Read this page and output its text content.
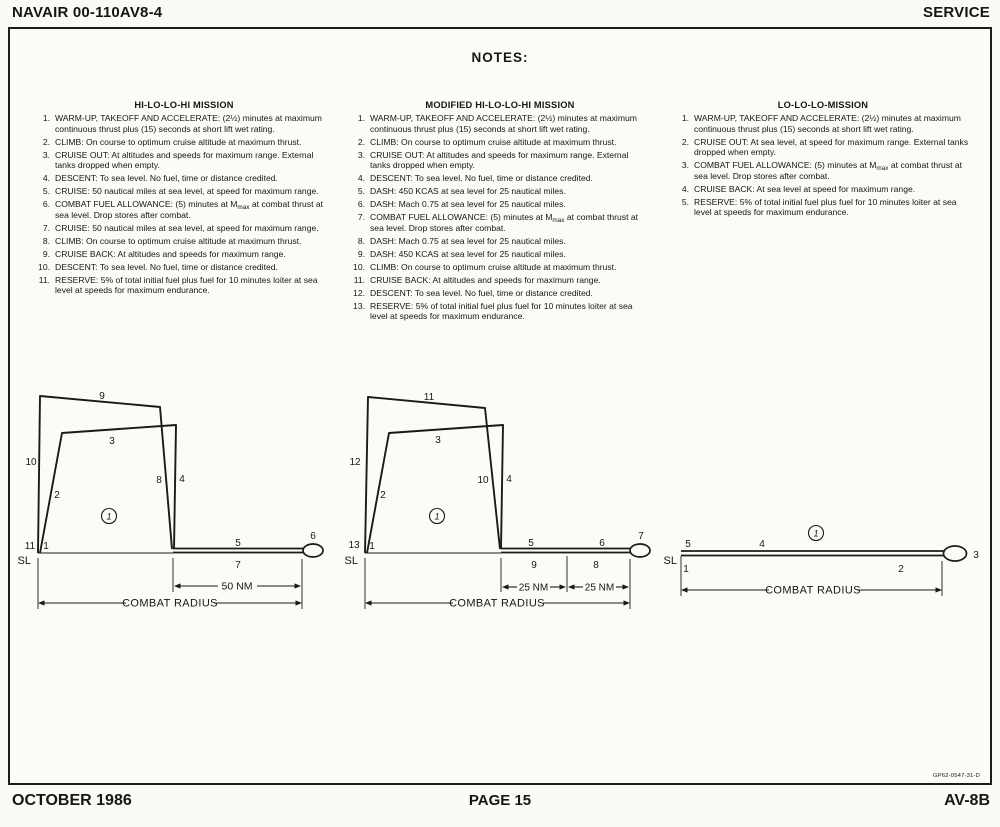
NAVAIR 00-110AV8-4	SERVICE
NOTES:
HI-LO-LO-HI MISSION
1. WARM-UP, TAKEOFF AND ACCELERATE: (2½) minutes at maximum continuous thrust plus (15) seconds at short lift wet rating.
2. CLIMB: On course to optimum cruise altitude at maximum thrust.
3. CRUISE OUT: At altitudes and speeds for maximum range. External tanks dropped when empty.
4. DESCENT: To sea level. No fuel, time or distance credited.
5. CRUISE: 50 nautical miles at sea level, at speed for maximum range.
6. COMBAT FUEL ALLOWANCE: (5) minutes at $M_{max}$ at combat thrust at sea level. Drop stores after combat.
7. CRUISE: 50 nautical miles at sea level, at speed for maximum range.
8. CLIMB: On course to optimum cruise altitude at maximum thrust.
9. CRUISE BACK: At altitudes and speeds for maximum range.
10. DESCENT: To sea level. No fuel, time or distance credited.
11. RESERVE: 5% of total initial fuel plus fuel for 10 minutes loiter at sea level at speeds for maximum endurance.
MODIFIED HI-LO-LO-HI MISSION
1. WARM-UP, TAKEOFF AND ACCELERATE: (2½) minutes at maximum continuous thrust plus (15) seconds at short lift wet rating.
2. CLIMB: On course to optimum cruise altitude at maximum thrust.
3. CRUISE OUT: At altitudes and speeds for maximum range. External tanks dropped when empty.
4. DESCENT: To sea level. No fuel, time or distance credited.
5. DASH: 450 KCAS at sea level for 25 nautical miles.
6. DASH: Mach 0.75 at sea level for 25 nautical miles.
7. COMBAT FUEL ALLOWANCE: (5) minutes at $M_{max}$ at combat thrust at sea level. Drop stores after combat.
8. DASH: Mach 0.75 at sea level for 25 nautical miles.
9. DASH: 450 KCAS at sea level for 25 nautical miles.
10. CLIMB: On course to optimum cruise altitude at maximum thrust.
11. CRUISE BACK: At altitudes and speeds for maximum range.
12. DESCENT: To sea level. No fuel, time or distance credited.
13. RESERVE: 5% of total initial fuel plus fuel for 10 minutes loiter at sea level at speeds for maximum endurance.
LO-LO-LO-MISSION
1. WARM-UP, TAKEOFF AND ACCELERATE: (2½) minutes at maximum continuous thrust plus (15) seconds at short lift wet rating.
2. CRUISE OUT: At sea level, at speed for maximum range. External tanks dropped when empty.
3. COMBAT FUEL ALLOWANCE: (5) minutes at $M_{max}$ at combat thrust at sea level. Drop stores after combat.
4. CRUISE BACK: At sea level at speed for maximum range.
5. RESERVE: 5% of total initial fuel plus fuel for 10 minutes loiter at sea level at speeds for maximum endurance.
1
9
3
10
2
8 4
11 1
SL
5
7
6
50 NM
COMBAT RADIUS
1
11
3
12
2
10 4
13 1
SL
5	6
9	8
7
25 NM	25 NM
COMBAT RADIUS
1
SL
5	4
1	2
3
COMBAT RADIUS
GP62-0547-31-D
PAGE 15
OCTOBER 1986	AV-8B
